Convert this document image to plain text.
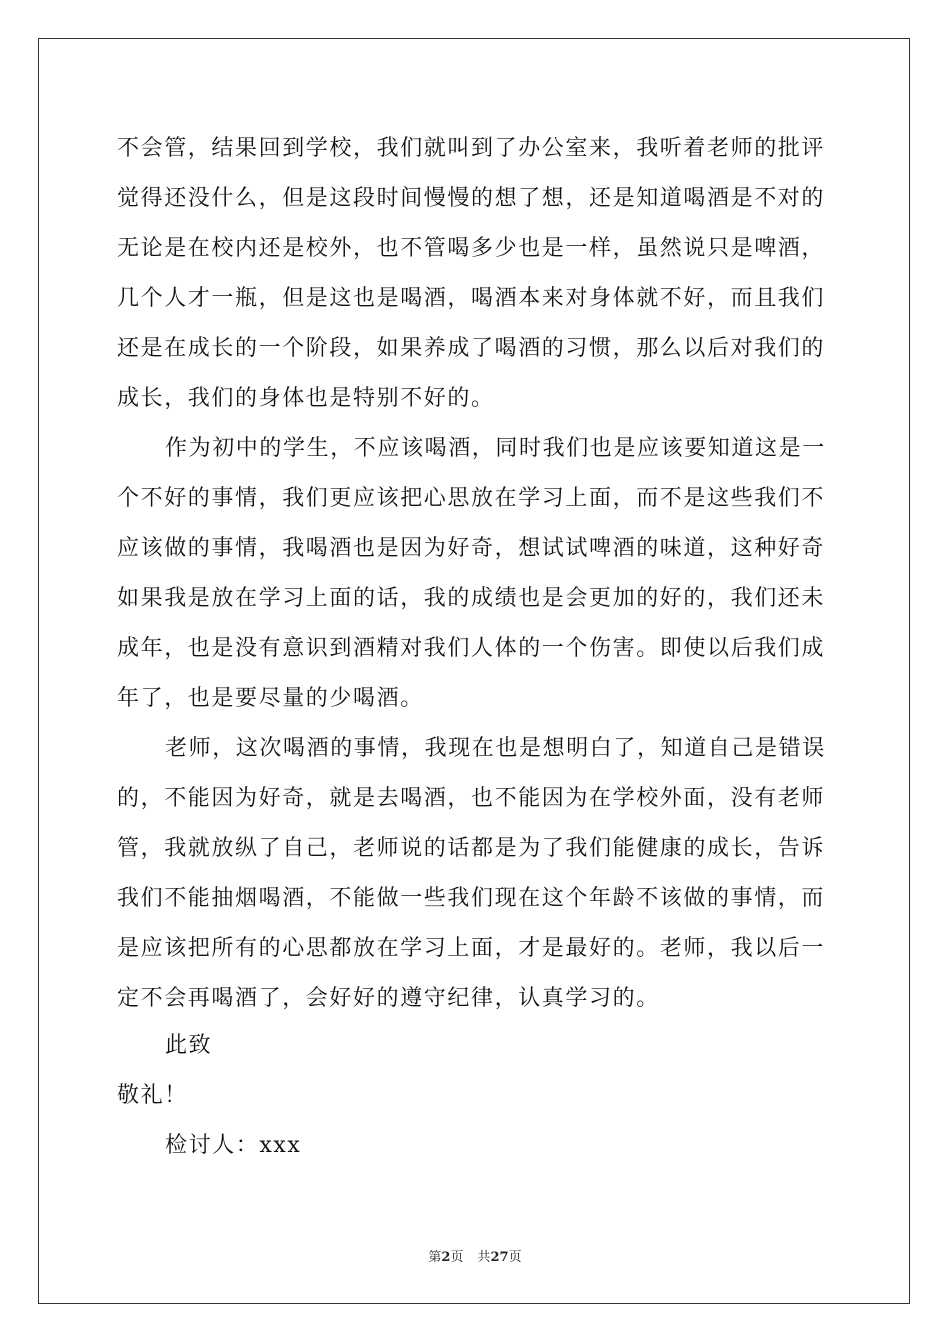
不会管，结果回到学校，我们就叫到了办公室来，我听着老师的批评
觉得还没什么，但是这段时间慢慢的想了想，还是知道喝酒是不对的
无论是在校内还是校外，也不管喝多少也是一样，虽然说只是啤酒，
几个人才一瓶，但是这也是喝酒，喝酒本来对身体就不好，而且我们
还是在成长的一个阶段，如果养成了喝酒的习惯，那么以后对我们的
成长，我们的身体也是特别不好的。
作为初中的学生，不应该喝酒，同时我们也是应该要知道这是一
个不好的事情，我们更应该把心思放在学习上面，而不是这些我们不
应该做的事情，我喝酒也是因为好奇，想试试啤酒的味道，这种好奇
如果我是放在学习上面的话，我的成绩也是会更加的好的，我们还未
成年，也是没有意识到酒精对我们人体的一个伤害。即使以后我们成
年了，也是要尽量的少喝酒。
老师，这次喝酒的事情，我现在也是想明白了，知道自己是错误
的，不能因为好奇，就是去喝酒，也不能因为在学校外面，没有老师
管，我就放纵了自己，老师说的话都是为了我们能健康的成长，告诉
我们不能抽烟喝酒，不能做一些我们现在这个年龄不该做的事情，而
是应该把所有的心思都放在学习上面，才是最好的。老师，我以后一
定不会再喝酒了，会好好的遵守纪律，认真学习的。
此致
敬礼！
检讨人：xxx
第2页 共27页
